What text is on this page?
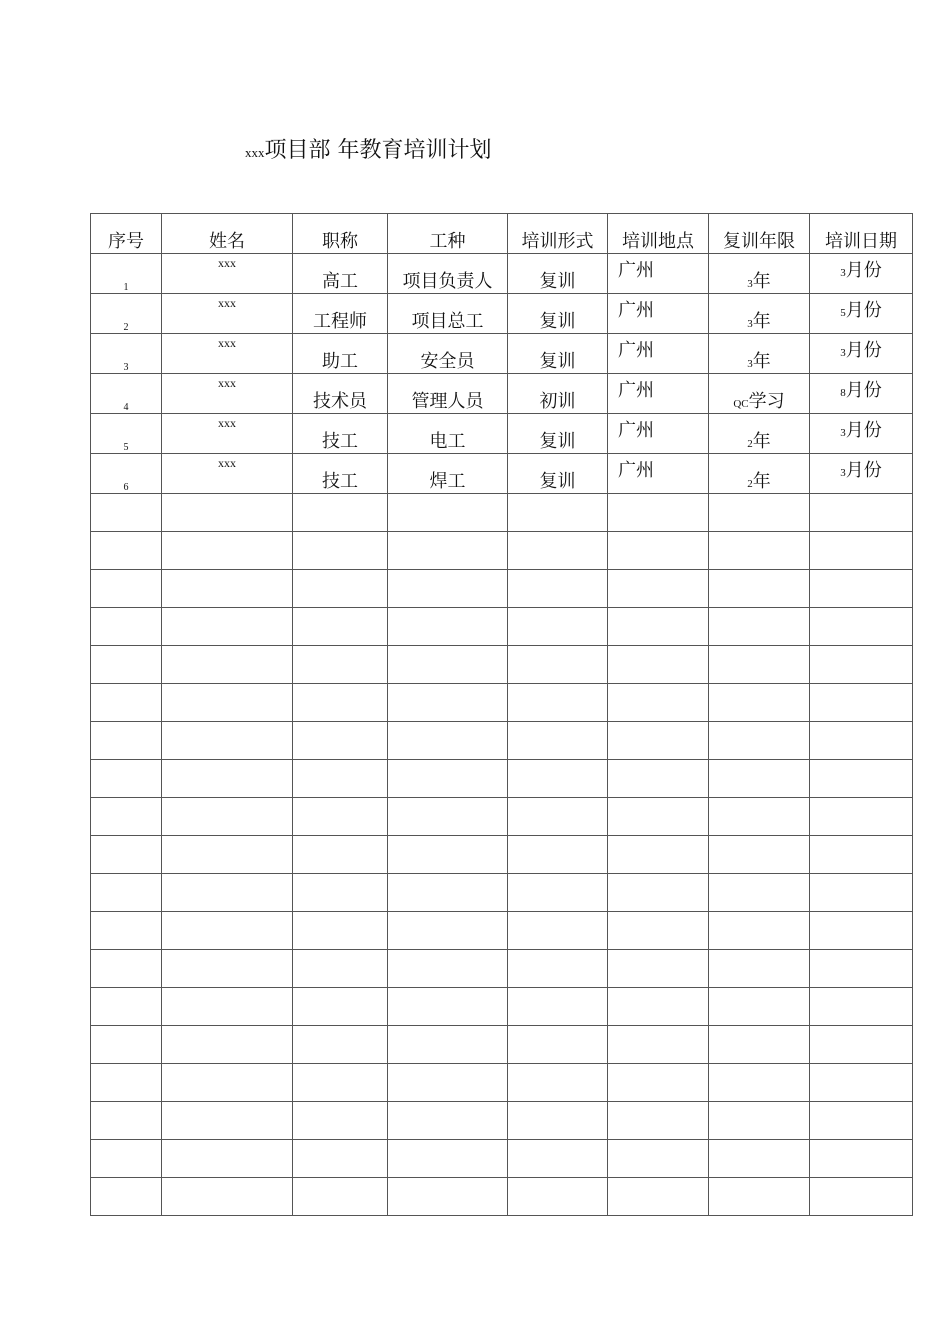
xxx项目部 年教育培训计划
序号	姓名	职称	工种	培训形式	培训地点	复训年限	培训日期
1	xxx	高工	项目负责人	复训	广州	3年	3月份
2	xxx	工程师	项目总工	复训	广州	3年	5月份
3	xxx	助工	安全员	复训	广州	3年	3月份
4	xxx	技术员	管理人员	初训	广州	QC学习	8月份
5	xxx	技工	电工	复训	广州	2年	3月份
6	xxx	技工	焊工	复训	广州	2年	3月份
